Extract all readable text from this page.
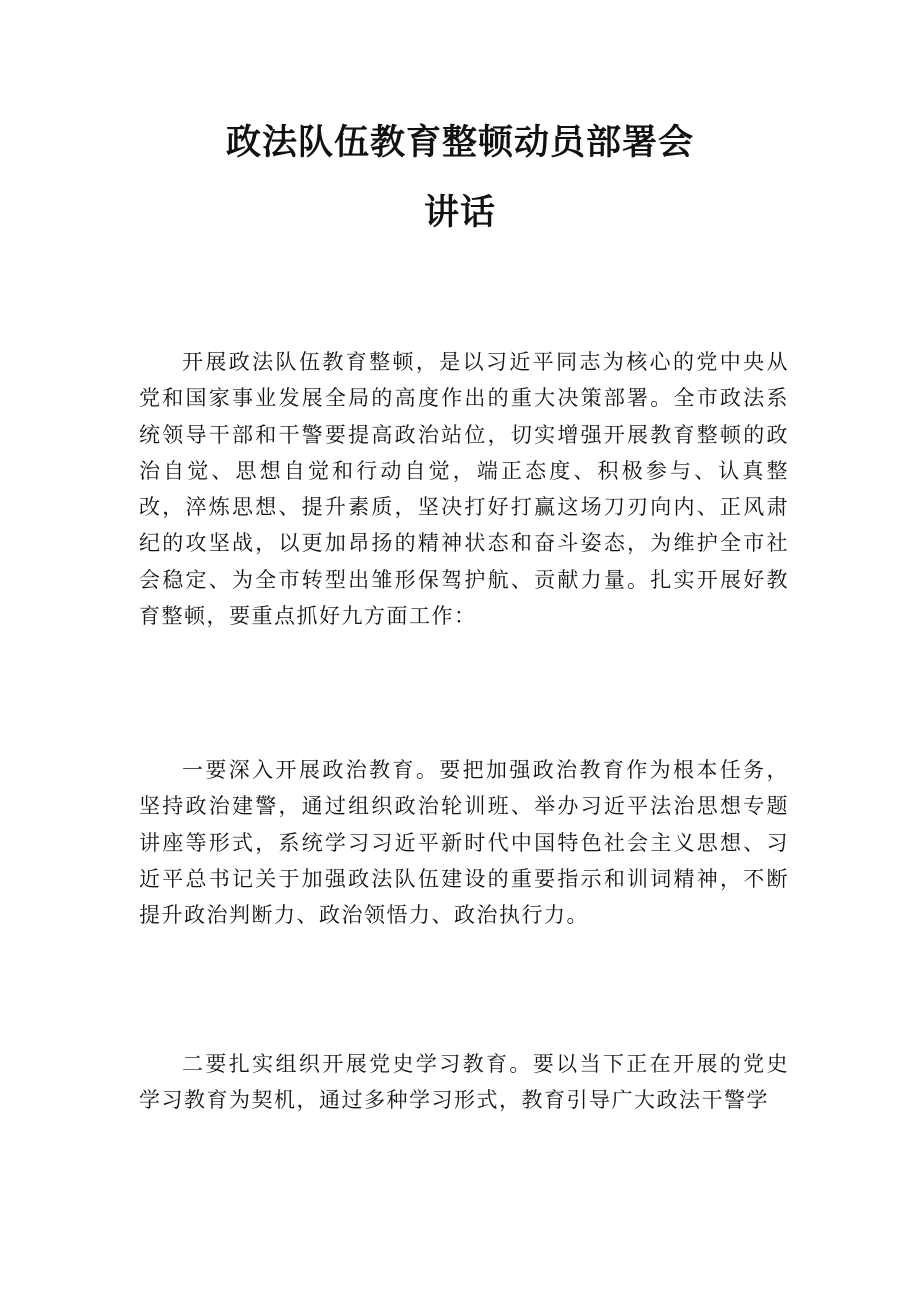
政法队伍教育整顿动员部署会
讲话

开展政法队伍教育整顿，是以习近平同志为核心的党中央从党和国家事业发展全局的高度作出的重大决策部署。全市政法系统领导干部和干警要提高政治站位，切实增强开展教育整顿的政治自觉、思想自觉和行动自觉，端正态度、积极参与、认真整改，淬炼思想、提升素质，坚决打好打赢这场刀刃向内、正风肃纪的攻坚战，以更加昂扬的精神状态和奋斗姿态，为维护全市社会稳定、为全市转型出雏形保驾护航、贡献力量。扎实开展好教育整顿，要重点抓好九方面工作：

一要深入开展政治教育。要把加强政治教育作为根本任务，坚持政治建警，通过组织政治轮训班、举办习近平法治思想专题讲座等形式，系统学习习近平新时代中国特色社会主义思想、习近平总书记关于加强政法队伍建设的重要指示和训词精神，不断提升政治判断力、政治领悟力、政治执行力。

二要扎实组织开展党史学习教育。要以当下正在开展的党史学习教育为契机，通过多种学习形式，教育引导广大政法干警学
